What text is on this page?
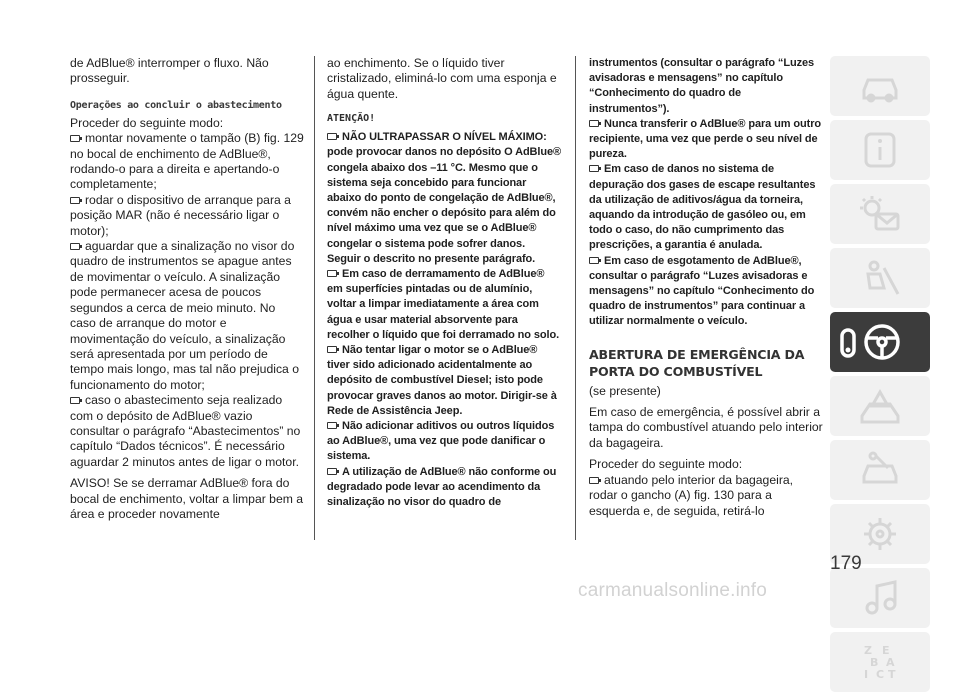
de AdBlue® interromper o fluxo. Não prosseguir.

Operações ao concluir o abastecimento

Proceder do seguinte modo:

montar novamente o tampão (B) fig. 129 no bocal de enchimento de AdBlue®, rodando-o para a direita e apertando-o completamente;

rodar o dispositivo de arranque para a posição MAR (não é necessário ligar o motor);

aguardar que a sinalização no visor do quadro de instrumentos se apague antes de movimentar o veículo. A sinalização pode permanecer acesa de poucos segundos a cerca de meio minuto. No caso de arranque do motor e movimentação do veículo, a sinalização será apresentada por um período de tempo mais longo, mas tal não prejudica o funcionamento do motor;

caso o abastecimento seja realizado com o depósito de AdBlue® vazio consultar o parágrafo “Abastecimentos” no capítulo “Dados técnicos”. É necessário aguardar 2 minutos antes de ligar o motor.

AVISO! Se se derramar AdBlue® fora do bocal de enchimento, voltar a limpar bem a área e proceder novamente

ao enchimento. Se o líquido tiver cristalizado, eliminá-lo com uma esponja e água quente.

ATENÇÃO!

NÃO ULTRAPASSAR O NÍVEL MÁXIMO: pode provocar danos no depósito O AdBlue® congela abaixo dos –11 °C. Mesmo que o sistema seja concebido para funcionar abaixo do ponto de congelação de AdBlue®, convém não encher o depósito para além do nível máximo uma vez que se o AdBlue® congelar o sistema pode sofrer danos. Seguir o descrito no presente parágrafo.

Em caso de derramamento de AdBlue® em superfícies pintadas ou de alumínio, voltar a limpar imediatamente a área com água e usar material absorvente para recolher o líquido que foi derramado no solo.

Não tentar ligar o motor se o AdBlue® tiver sido adicionado acidentalmente ao depósito de combustível Diesel; isto pode provocar graves danos ao motor. Dirigir-se à Rede de Assistência Jeep.

Não adicionar aditivos ou outros líquidos ao AdBlue®, uma vez que pode danificar o sistema.

A utilização de AdBlue® não conforme ou degradado pode levar ao acendimento da sinalização no visor do quadro de

instrumentos (consultar o parágrafo “Luzes avisadoras e mensagens” no capítulo “Conhecimento do quadro de instrumentos”).

Nunca transferir o AdBlue® para um outro recipiente, uma vez que perde o seu nível de pureza.

Em caso de danos no sistema de depuração dos gases de escape resultantes da utilização de aditivos/água da torneira, aquando da introdução de gasóleo ou, em todo o caso, do não cumprimento das prescrições, a garantia é anulada.

Em caso de esgotamento de AdBlue®, consultar o parágrafo “Luzes avisadoras e mensagens” no capítulo “Conhecimento do quadro de instrumentos” para continuar a utilizar normalmente o veículo.

ABERTURA DE EMERGÊNCIA DA PORTA DO COMBUSTÍVEL

(se presente)

Em caso de emergência, é possível abrir a tampa do combustível atuando pelo interior da bagageira.

Proceder do seguinte modo:

atuando pelo interior da bagageira, rodar o gancho (A) fig. 130 para a esquerda e, de seguida, retirá-lo

Z E
B A
I C T
179
carmanualsonline.info
